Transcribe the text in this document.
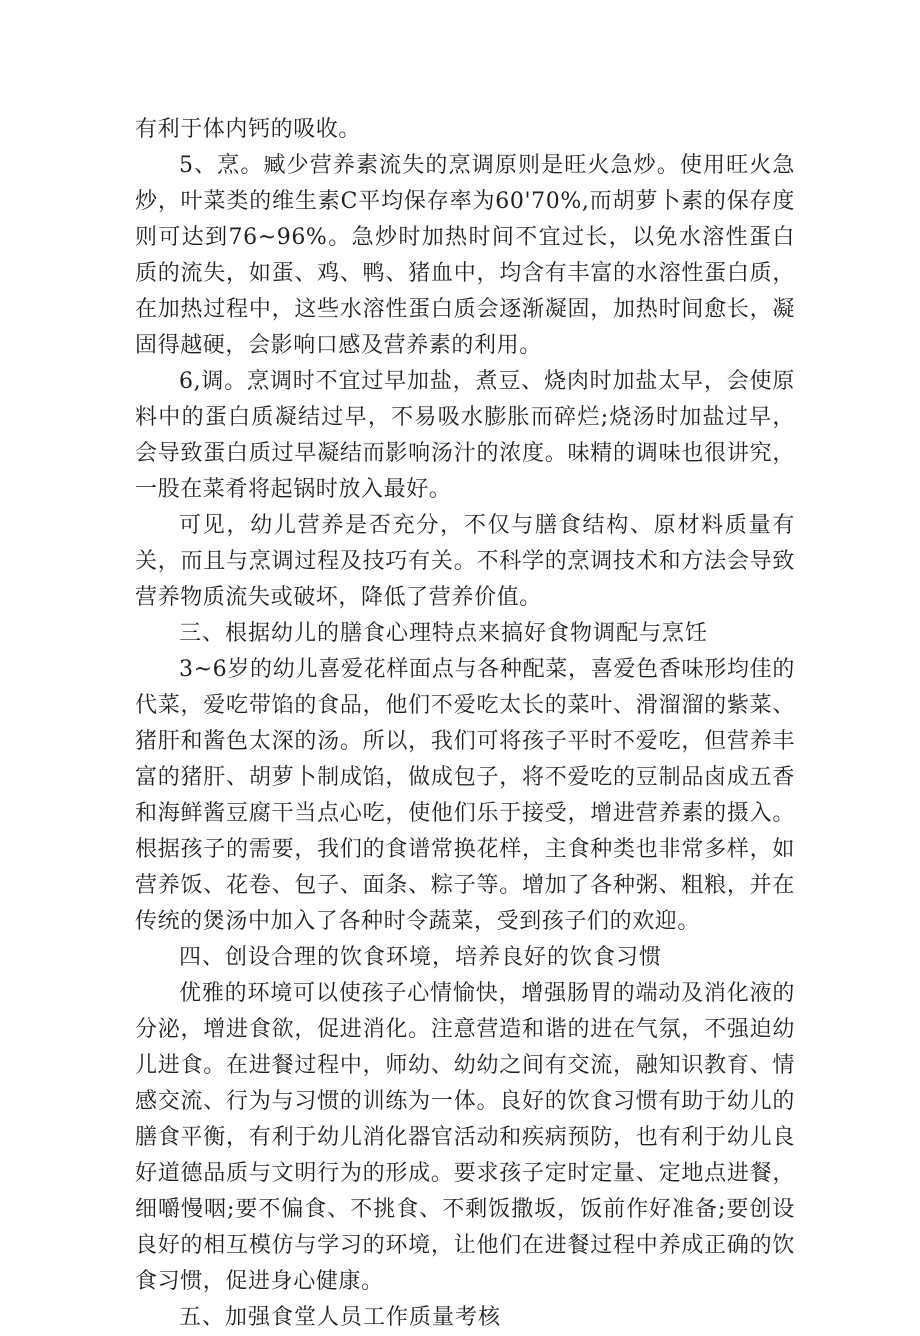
有利于体内钙的吸收。

5、烹。臧少营养素流失的烹调原则是旺火急炒。使用旺火急炒，叶菜类的维生素C平均保存率为60'70%,而胡萝卜素的保存度则可达到76~96%。急炒时加热时间不宜过长，以免水溶性蛋白质的流失，如蛋、鸡、鸭、猪血中，均含有丰富的水溶性蛋白质，在加热过程中，这些水溶性蛋白质会逐渐凝固，加热时间愈长，凝固得越硬，会影响口感及营养素的利用。

6,调。烹调时不宜过早加盐，煮豆、烧肉时加盐太早，会使原料中的蛋白质凝结过早，不易吸水膨胀而碎烂;烧汤时加盐过早，会导致蛋白质过早凝结而影响汤汁的浓度。味精的调味也很讲究，一股在菜肴将起锅时放入最好。

可见，幼儿营养是否充分，不仅与膳食结构、原材料质量有关，而且与烹调过程及技巧有关。不科学的烹调技术和方法会导致营养物质流失或破坏，降低了营养价值。

三、根据幼儿的膳食心理特点来搞好食物调配与烹饪

3~6岁的幼儿喜爱花样面点与各种配菜，喜爱色香味形均佳的代菜，爱吃带馅的食品，他们不爱吃太长的菜叶、滑溜溜的紫菜、猪肝和酱色太深的汤。所以，我们可将孩子平时不爱吃，但营养丰富的猪肝、胡萝卜制成馅，做成包子，将不爱吃的豆制品卤成五香和海鲜酱豆腐干当点心吃，使他们乐于接受，增进营养素的摄入。根据孩子的需要，我们的食谱常换花样，主食种类也非常多样，如营养饭、花卷、包子、面条、粽子等。增加了各种粥、粗粮，并在传统的煲汤中加入了各种时令蔬菜，受到孩子们的欢迎。

四、创设合理的饮食环境，培养良好的饮食习惯

优雅的环境可以使孩子心情愉快，增强肠胃的端动及消化液的分泌，增进食欲，促进消化。注意营造和谐的进在气氛，不强迫幼儿进食。在进餐过程中，师幼、幼幼之间有交流，融知识教育、情感交流、行为与习惯的训练为一体。良好的饮食习惯有助于幼儿的膳食平衡，有利于幼儿消化器官活动和疾病预防，也有利于幼儿良好道德品质与文明行为的形成。要求孩子定时定量、定地点进餐，细嚼慢咽;要不偏食、不挑食、不剩饭撒坂，饭前作好准备;要创设良好的相互模仿与学习的环境，让他们在进餐过程中养成正确的饮食习惯，促进身心健康。

五、加强食堂人员工作质量考核
